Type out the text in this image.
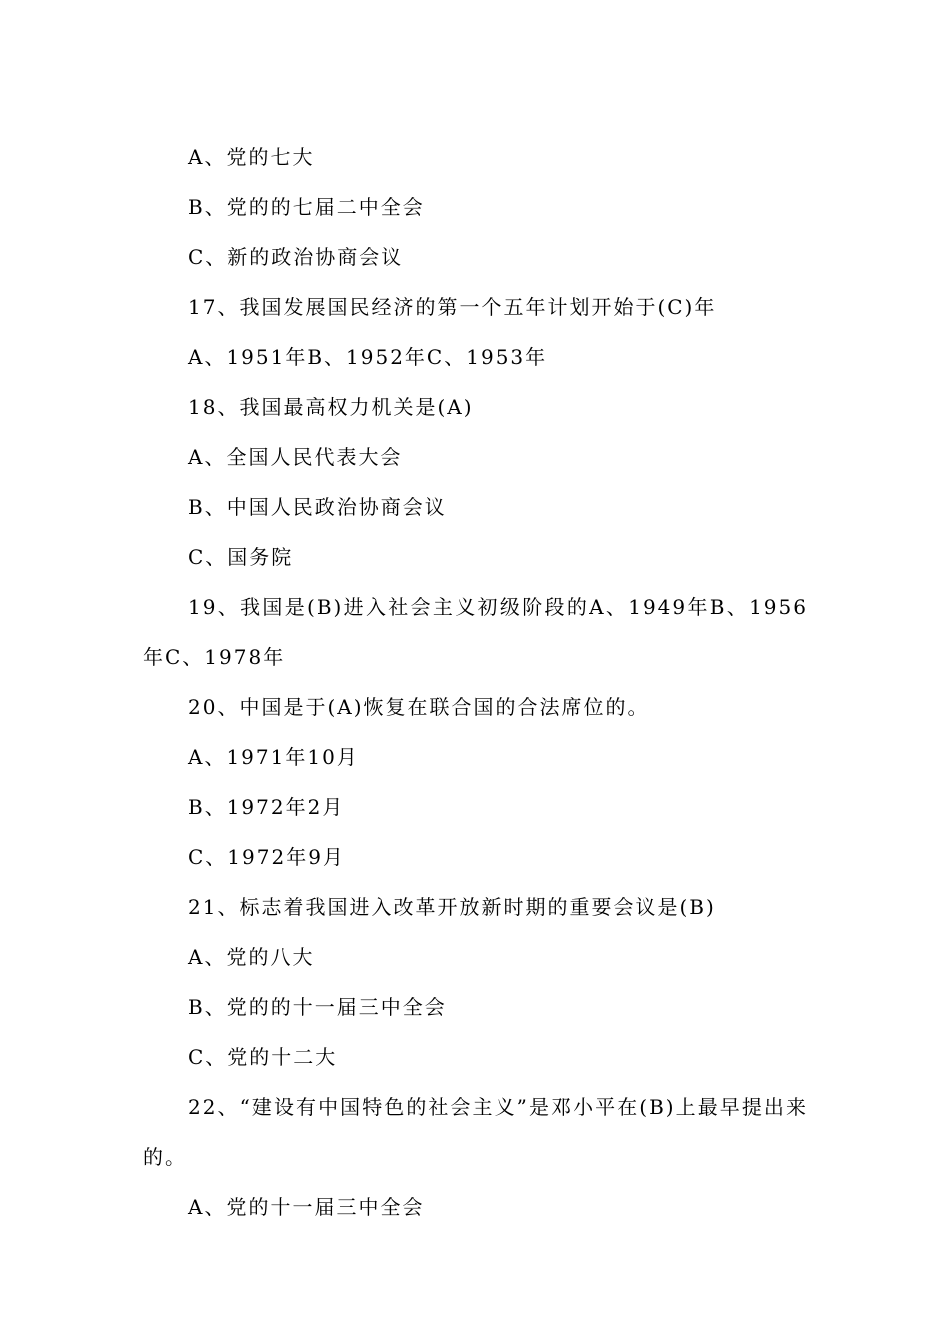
A、党的七大
B、党的的七届二中全会
C、新的政治协商会议
17、我国发展国民经济的第一个五年计划开始于(C)年
A、1951年B、1952年C、1953年
18、我国最高权力机关是(A)
A、全国人民代表大会
B、中国人民政治协商会议
C、国务院
19、我国是(B)进入社会主义初级阶段的A、1949年B、1956年C、1978年
20、中国是于(A)恢复在联合国的合法席位的。
A、1971年10月
B、1972年2月
C、1972年9月
21、标志着我国进入改革开放新时期的重要会议是(B)
A、党的八大
B、党的的十一届三中全会
C、党的十二大
22、“建设有中国特色的社会主义”是邓小平在(B)上最早提出来的。
A、党的十一届三中全会
